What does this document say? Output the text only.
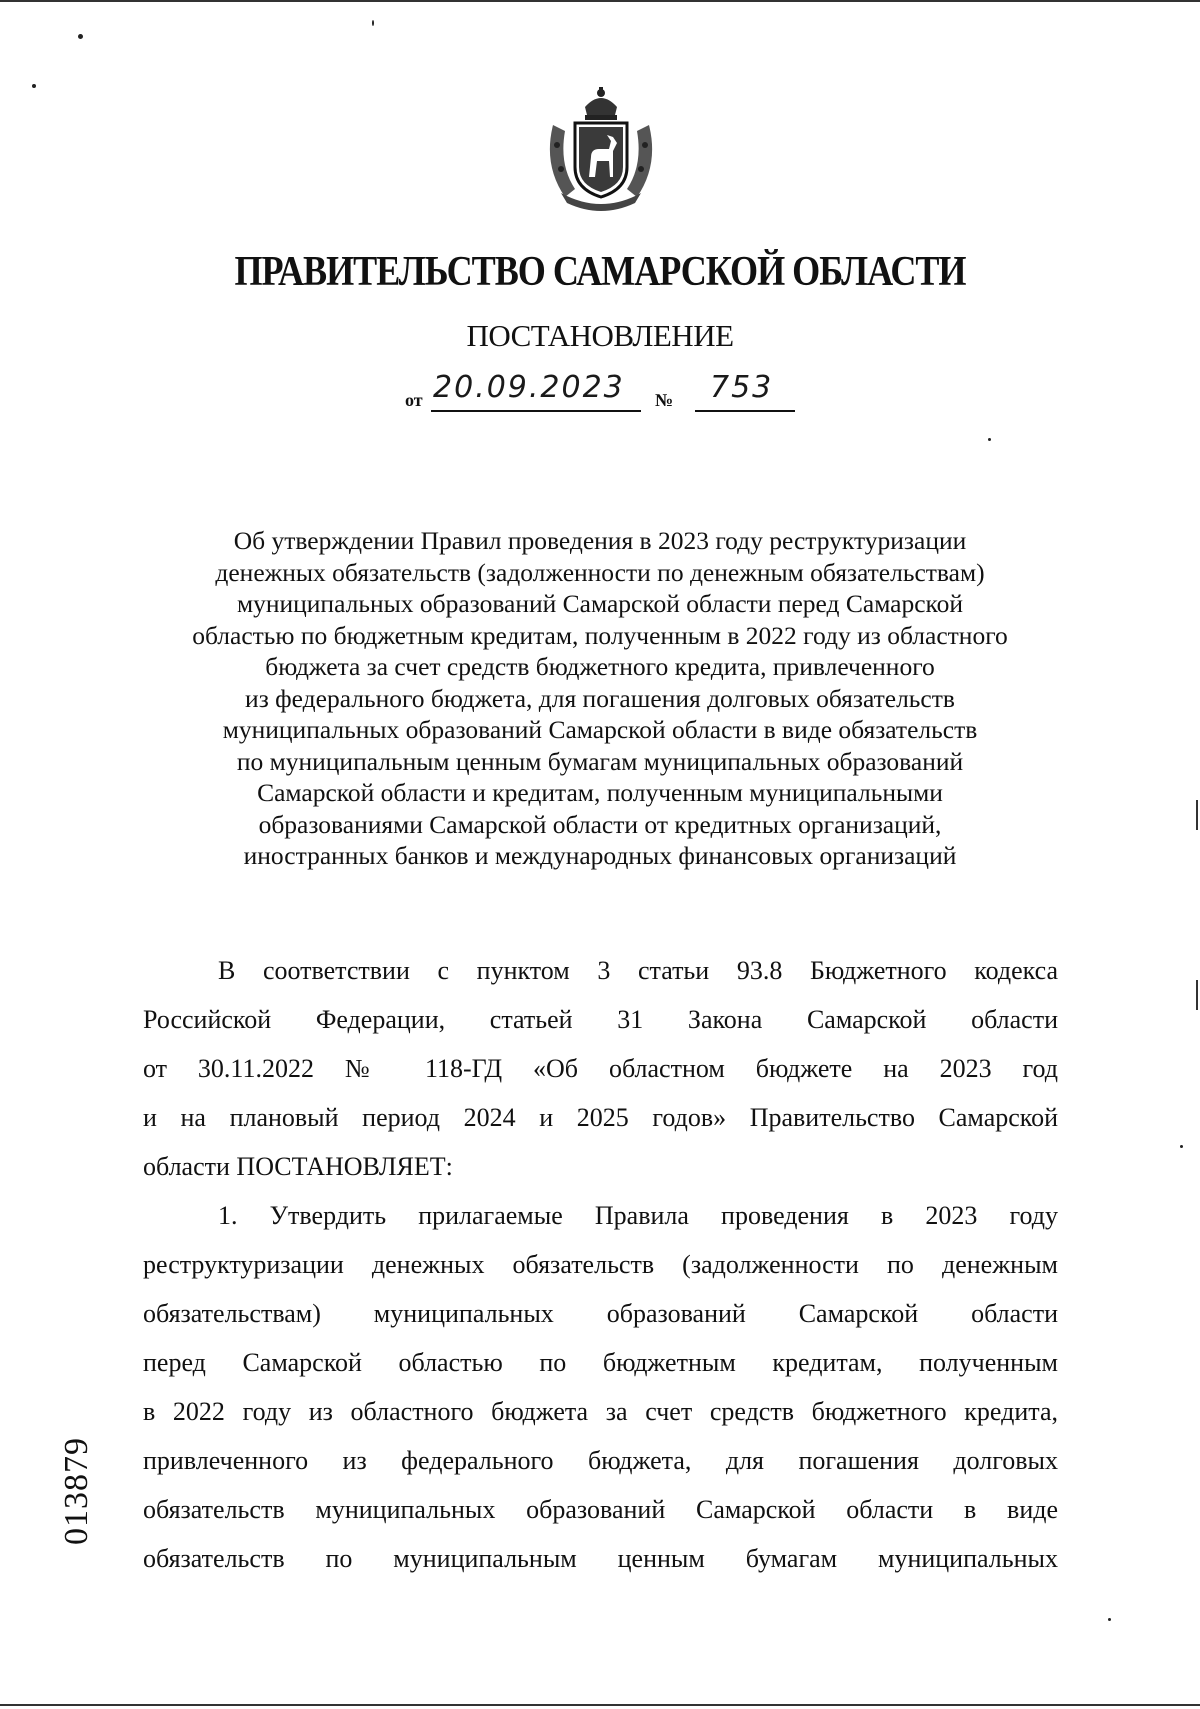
ПРАВИТЕЛЬСТВО САМАРСКОЙ ОБЛАСТИ
ПОСТАНОВЛЕНИЕ
от 20.09.2023 № 753
Об утверждении Правил проведения в 2023 году реструктуризации
денежных обязательств (задолженности по денежным обязательствам)
муниципальных образований Самарской области перед Самарской
областью по бюджетным кредитам, полученным в 2022 году из областного
бюджета за счет средств бюджетного кредита, привлеченного
из федерального бюджета, для погашения долговых обязательств
муниципальных образований Самарской области в виде обязательств
по муниципальным ценным бумагам муниципальных образований
Самарской области и кредитам, полученным муниципальными
образованиями Самарской области от кредитных организаций,
иностранных банков и международных финансовых организаций
В соответствии с пунктом 3 статьи 93.8 Бюджетного кодекса
Российской Федерации, статьей 31 Закона Самарской области
от 30.11.2022 № 118-ГД «Об областном бюджете на 2023 год
и на плановый период 2024 и 2025 годов» Правительство Самарской
области ПОСТАНОВЛЯЕТ:
1. Утвердить прилагаемые Правила проведения в 2023 году
реструктуризации денежных обязательств (задолженности по денежным
обязательствам) муниципальных образований Самарской области
перед Самарской областью по бюджетным кредитам, полученным
в 2022 году из областного бюджета за счет средств бюджетного кредита,
привлеченного из федерального бюджета, для погашения долговых
обязательств муниципальных образований Самарской области в виде
обязательств по муниципальным ценным бумагам муниципальных
013879
